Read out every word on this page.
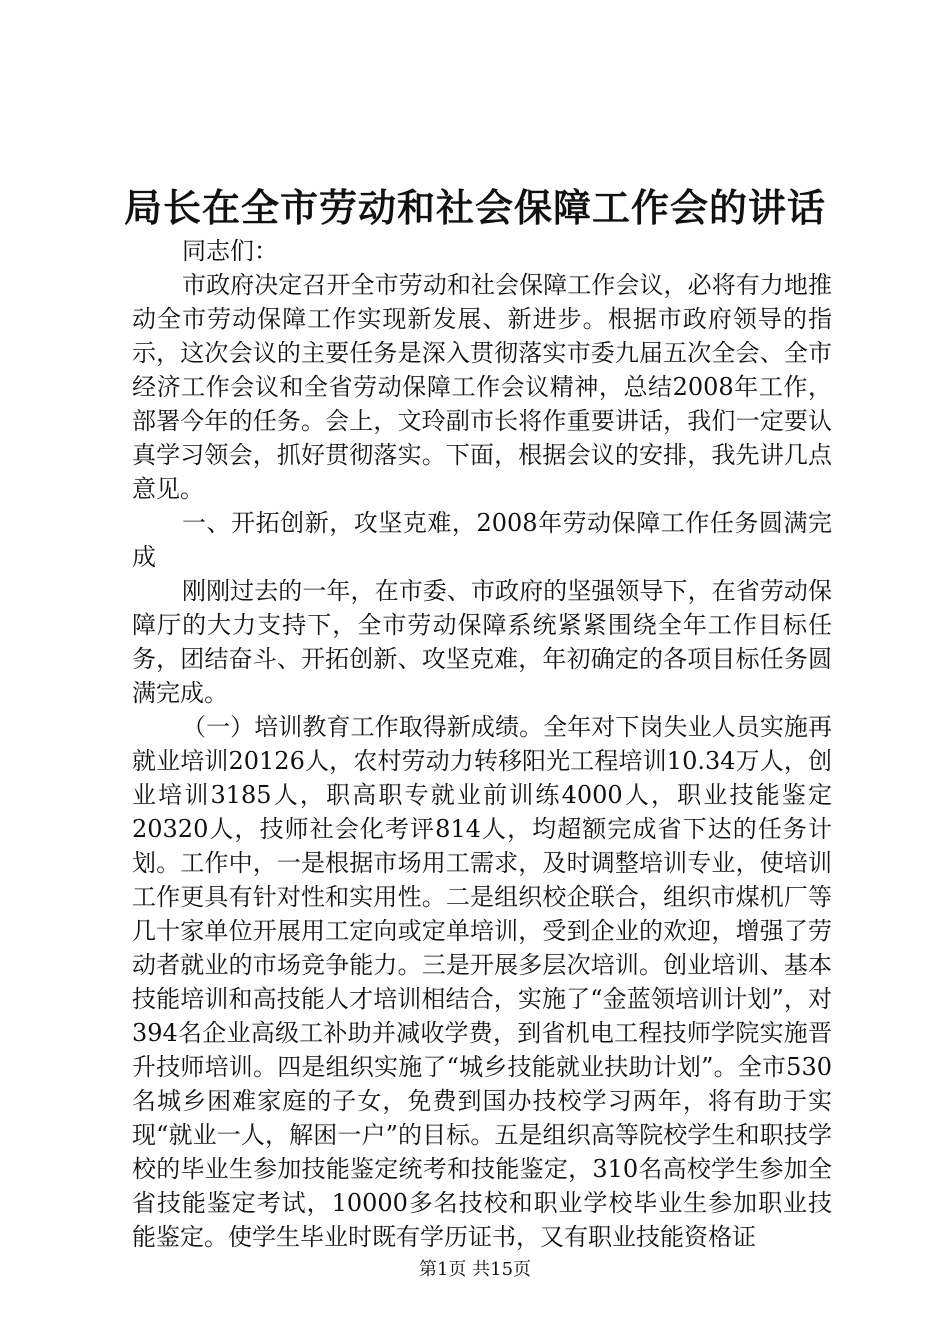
局长在全市劳动和社会保障工作会的讲话

同志们：

市政府决定召开全市劳动和社会保障工作会议，必将有力地推动全市劳动保障工作实现新发展、新进步。根据市政府领导的指示，这次会议的主要任务是深入贯彻落实市委九届五次全会、全市经济工作会议和全省劳动保障工作会议精神，总结2008年工作，部署今年的任务。会上，文玲副市长将作重要讲话，我们一定要认真学习领会，抓好贯彻落实。下面，根据会议的安排，我先讲几点意见。

一、开拓创新，攻坚克难，2008年劳动保障工作任务圆满完成

刚刚过去的一年，在市委、市政府的坚强领导下，在省劳动保障厅的大力支持下，全市劳动保障系统紧紧围绕全年工作目标任务，团结奋斗、开拓创新、攻坚克难，年初确定的各项目标任务圆满完成。

（一）培训教育工作取得新成绩。全年对下岗失业人员实施再就业培训20126人，农村劳动力转移阳光工程培训10.34万人，创业培训3185人，职高职专就业前训练4000人，职业技能鉴定20320人，技师社会化考评814人，均超额完成省下达的任务计划。工作中，一是根据市场用工需求，及时调整培训专业，使培训工作更具有针对性和实用性。二是组织校企联合，组织市煤机厂等几十家单位开展用工定向或定单培训，受到企业的欢迎，增强了劳动者就业的市场竞争能力。三是开展多层次培训。创业培训、基本技能培训和高技能人才培训相结合，实施了“金蓝领培训计划”，对394名企业高级工补助并减收学费，到省机电工程技师学院实施晋升技师培训。四是组织实施了“城乡技能就业扶助计划”。全市530名城乡困难家庭的子女，免费到国办技校学习两年，将有助于实现“就业一人，解困一户”的目标。五是组织高等院校学生和职技学校的毕业生参加技能鉴定统考和技能鉴定，310名高校学生参加全省技能鉴定考试，10000多名技校和职业学校毕业生参加职业技能鉴定。使学生毕业时既有学历证书，又有职业技能资格证

第1页 共15页
